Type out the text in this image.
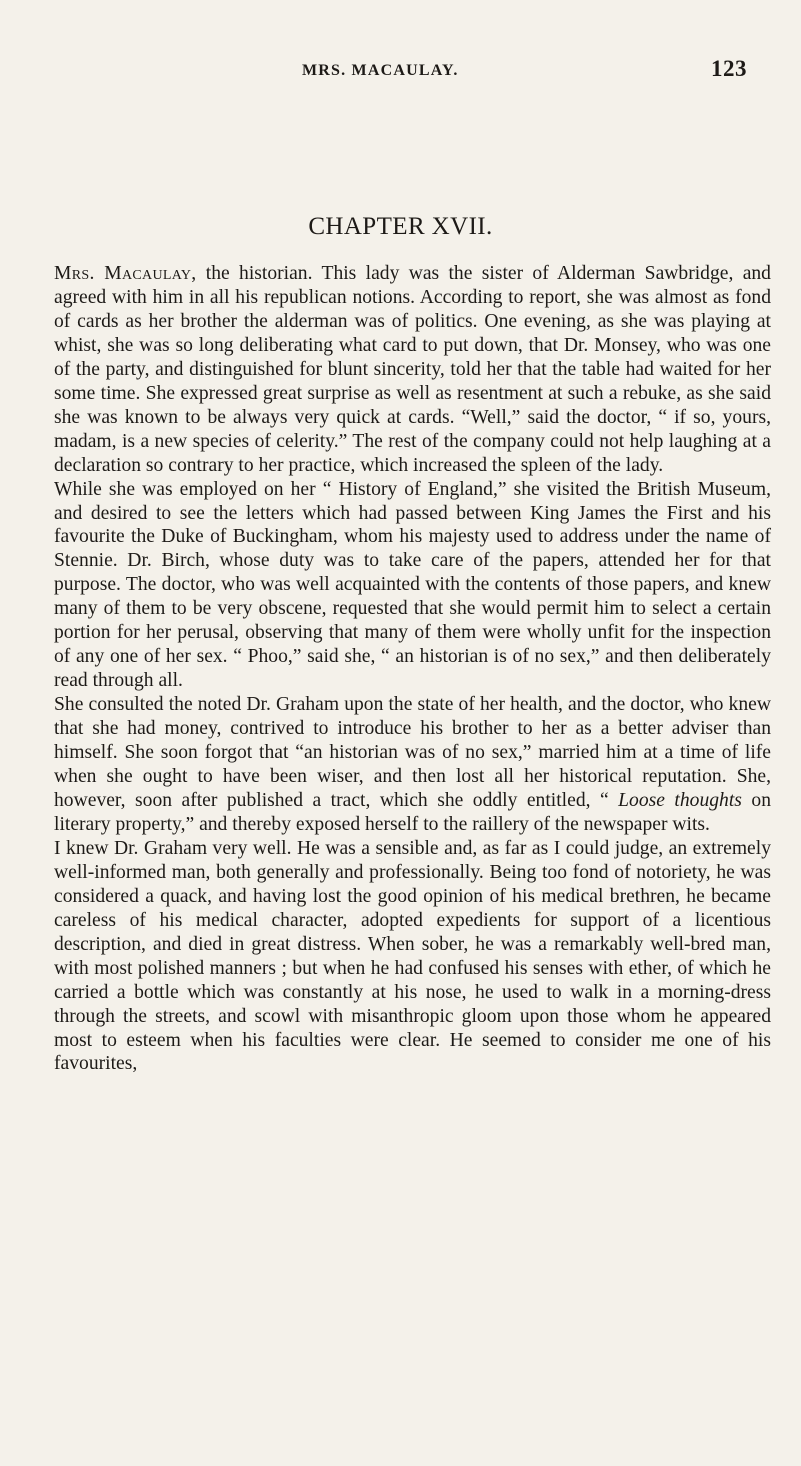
MRS. MACAULAY.	123
CHAPTER XVII.

Mrs. Macaulay, the historian. This lady was the sister of Alderman Sawbridge, and agreed with him in all his republican notions. According to report, she was almost as fond of cards as her brother the alderman was of politics. One evening, as she was playing at whist, she was so long deliberating what card to put down, that Dr. Monsey, who was one of the party, and distinguished for blunt sincerity, told her that the table had waited for her some time. She expressed great surprise as well as resentment at such a rebuke, as she said she was known to be always very quick at cards. “Well,” said the doctor, “ if so, yours, madam, is a new species of celerity.” The rest of the company could not help laughing at a declaration so contrary to her practice, which increased the spleen of the lady.

While she was employed on her “ History of England,” she visited the British Museum, and desired to see the letters which had passed between King James the First and his favourite the Duke of Buckingham, whom his majesty used to address under the name of Stennie. Dr. Birch, whose duty was to take care of the papers, attended her for that purpose. The doctor, who was well acquainted with the contents of those papers, and knew many of them to be very obscene, requested that she would permit him to select a certain portion for her perusal, observing that many of them were wholly unfit for the inspection of any one of her sex. “ Phoo,” said she, “ an historian is of no sex,” and then deliberately read through all.

She consulted the noted Dr. Graham upon the state of her health, and the doctor, who knew that she had money, contrived to introduce his brother to her as a better adviser than himself. She soon forgot that “an historian was of no sex,” married him at a time of life when she ought to have been wiser, and then lost all her historical reputation. She, however, soon after published a tract, which she oddly entitled, “ Loose thoughts on literary property,” and thereby exposed herself to the raillery of the newspaper wits.

I knew Dr. Graham very well. He was a sensible and, as far as I could judge, an extremely well-informed man, both generally and professionally. Being too fond of notoriety, he was considered a quack, and having lost the good opinion of his medical brethren, he became careless of his medical character, adopted expedients for support of a licentious description, and died in great distress. When sober, he was a remarkably well-bred man, with most polished manners ; but when he had confused his senses with ether, of which he carried a bottle which was constantly at his nose, he used to walk in a morning-dress through the streets, and scowl with misanthropic gloom upon those whom he appeared most to esteem when his faculties were clear. He seemed to consider me one of his favourites,
